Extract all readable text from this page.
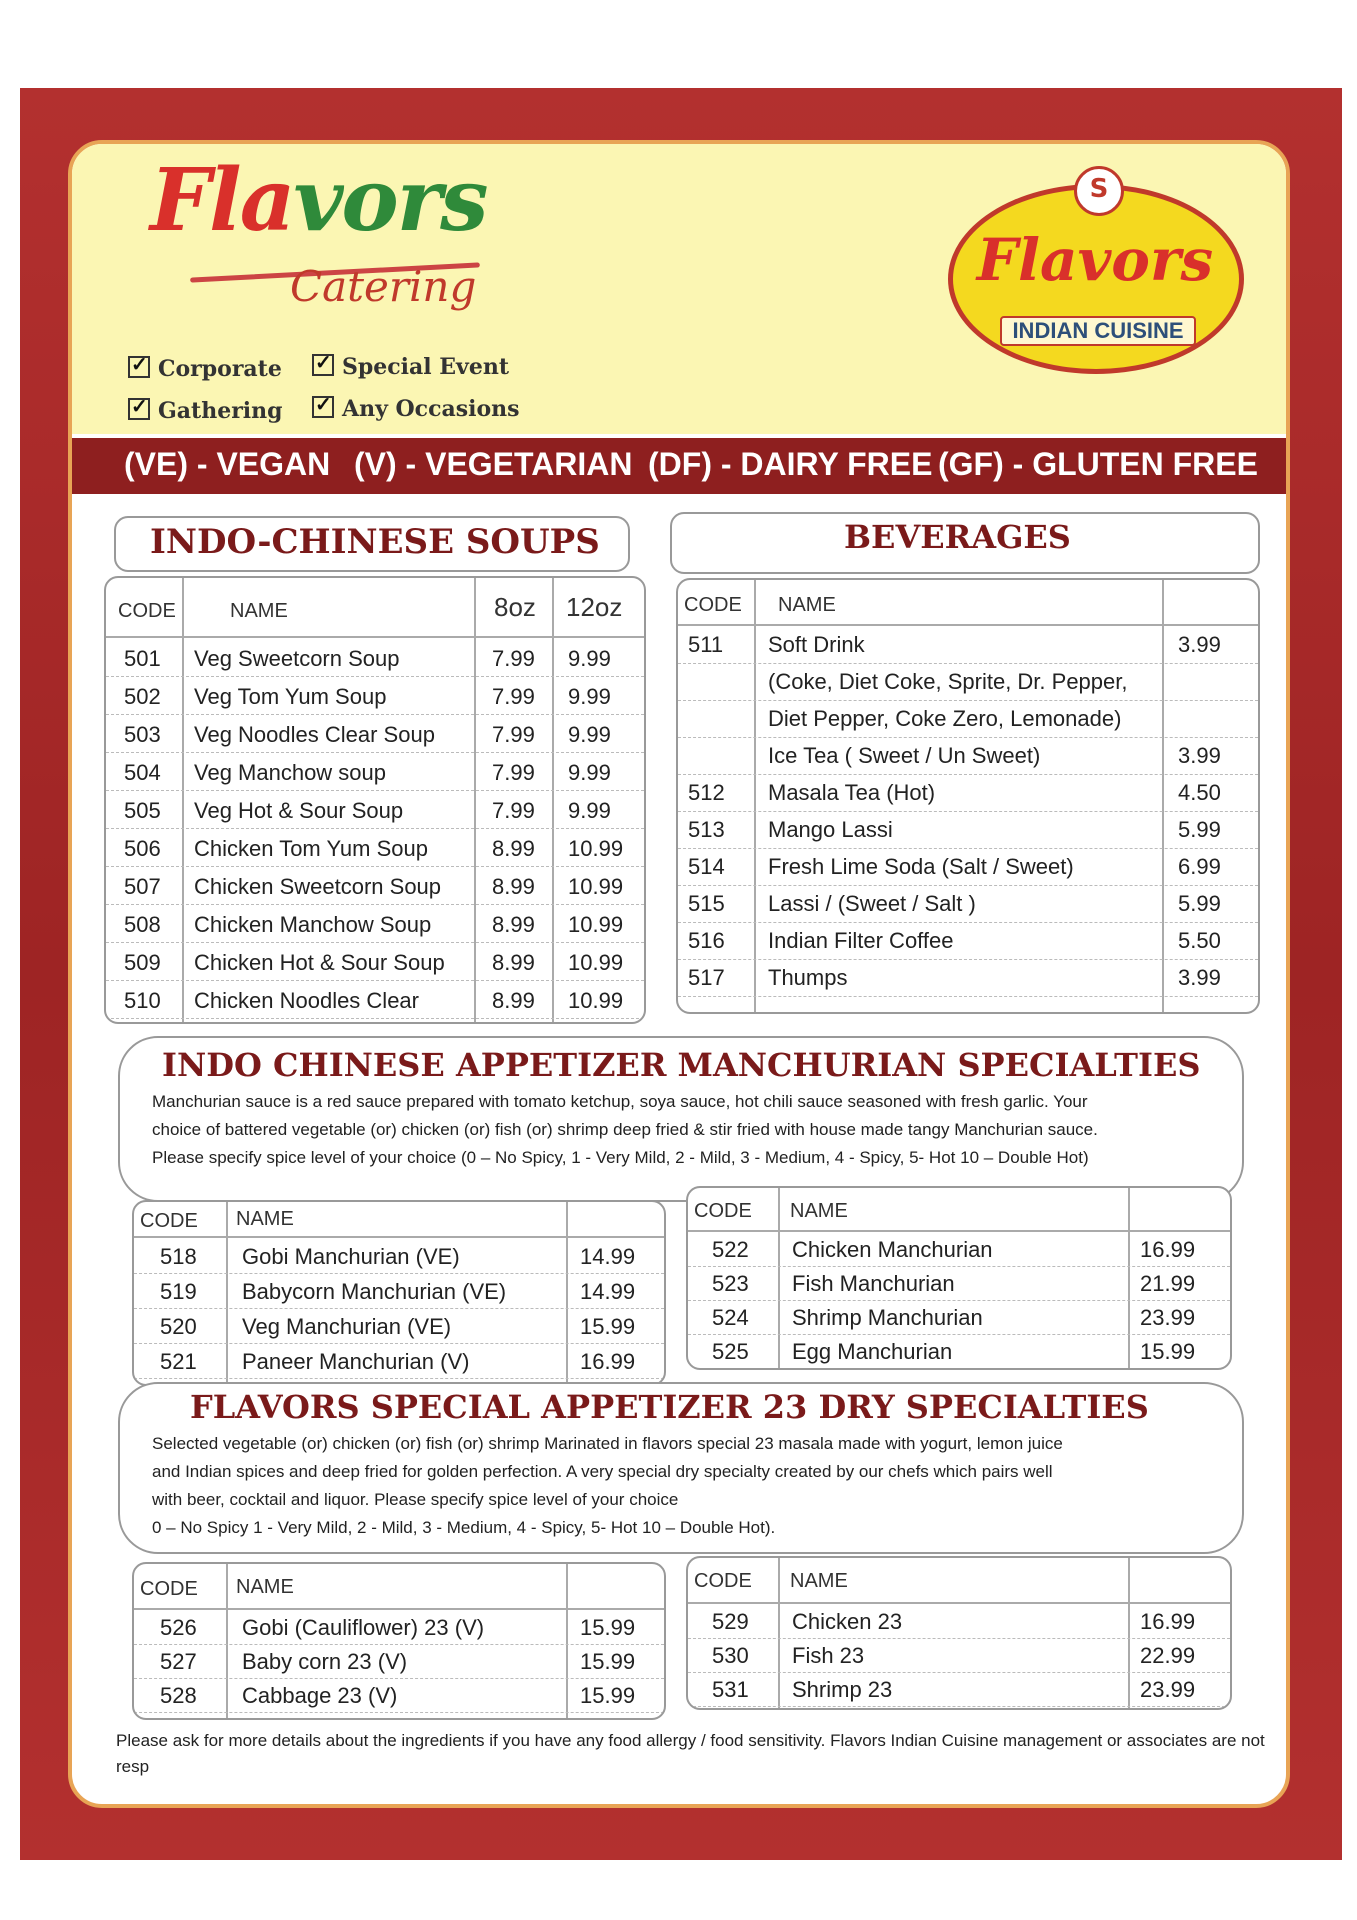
Flavors
Catering
✓Corporate ✓	Special Event
✓Gathering ✓	Any Occasions
S
Flavors
INDIAN CUISINE
(VE) - VEGAN (V) - VEGETARIAN (DF) - DAIRY FREE (GF) - GLUTEN FREE
INDO-CHINESE SOUPS
CODE	NAME	8oz 12oz
501 Veg Sweetcorn Soup	7.99 9.99
502 Veg Tom Yum Soup	7.99 9.99
503 Veg Noodles Clear Soup	7.99 9.99
504 Veg Manchow soup	7.99 9.99
505 Veg Hot & Sour Soup	7.99 9.99
506 Chicken Tom Yum Soup	8.99 10.99
507 Chicken Sweetcorn Soup 8.99 10.99
508 Chicken Manchow Soup	8.99 10.99
509 Chicken Hot & Sour Soup 8.99 10.99
510 Chicken Noodles Clear	8.99 10.99
BEVERAGES
CODE NAME
511 Soft Drink	3.99
(Coke, Diet Coke, Sprite, Dr. Pepper,
Diet Pepper, Coke Zero, Lemonade)
Ice Tea ( Sweet / Un Sweet)	3.99
512 Masala Tea (Hot)	4.50
513 Mango Lassi	5.99
514 Fresh Lime Soda (Salt / Sweet)	6.99
515 Lassi / (Sweet / Salt )	5.99
516 Indian Filter Coffee	5.50
517 Thumps	3.99
INDO CHINESE APPETIZER MANCHURIAN SPECIALTIES
Manchurian sauce is a red sauce prepared with tomato ketchup, soya sauce, hot chili sauce seasoned with fresh garlic. Your
choice of battered vegetable (or) chicken (or) fish (or) shrimp deep fried & stir fried with house made tangy Manchurian sauce.
Please specify spice level of your choice (0 – No Spicy, 1 - Very Mild, 2 - Mild, 3 - Medium, 4 - Spicy, 5- Hot 10 – Double Hot)
CODE NAME
518 Gobi Manchurian (VE)	14.99
519 Babycorn Manchurian (VE)	14.99
520 Veg Manchurian (VE)	15.99
521 Paneer Manchurian (V)	16.99
CODE NAME
522 Chicken Manchurian	16.99
523 Fish Manchurian	21.99
524 Shrimp Manchurian	23.99
525 Egg Manchurian	15.99
FLAVORS SPECIAL APPETIZER 23 DRY SPECIALTIES
Selected vegetable (or) chicken (or) fish (or) shrimp Marinated in flavors special 23 masala made with yogurt, lemon juice
and Indian spices and deep fried for golden perfection. A very special dry specialty created by our chefs which pairs well
with beer, cocktail and liquor. Please specify spice level of your choice
0 – No Spicy 1 - Very Mild, 2 - Mild, 3 - Medium, 4 - Spicy, 5- Hot 10 – Double Hot).
CODE NAME
526 Gobi (Cauliflower) 23 (V)	15.99
527 Baby corn 23 (V)	15.99
528 Cabbage 23 (V)	15.99
CODE NAME
529 Chicken 23	16.99
530 Fish 23	22.99
531 Shrimp 23	23.99
Please ask for more details about the ingredients if you have any food allergy / food sensitivity. Flavors Indian Cuisine management or associates are not resp
